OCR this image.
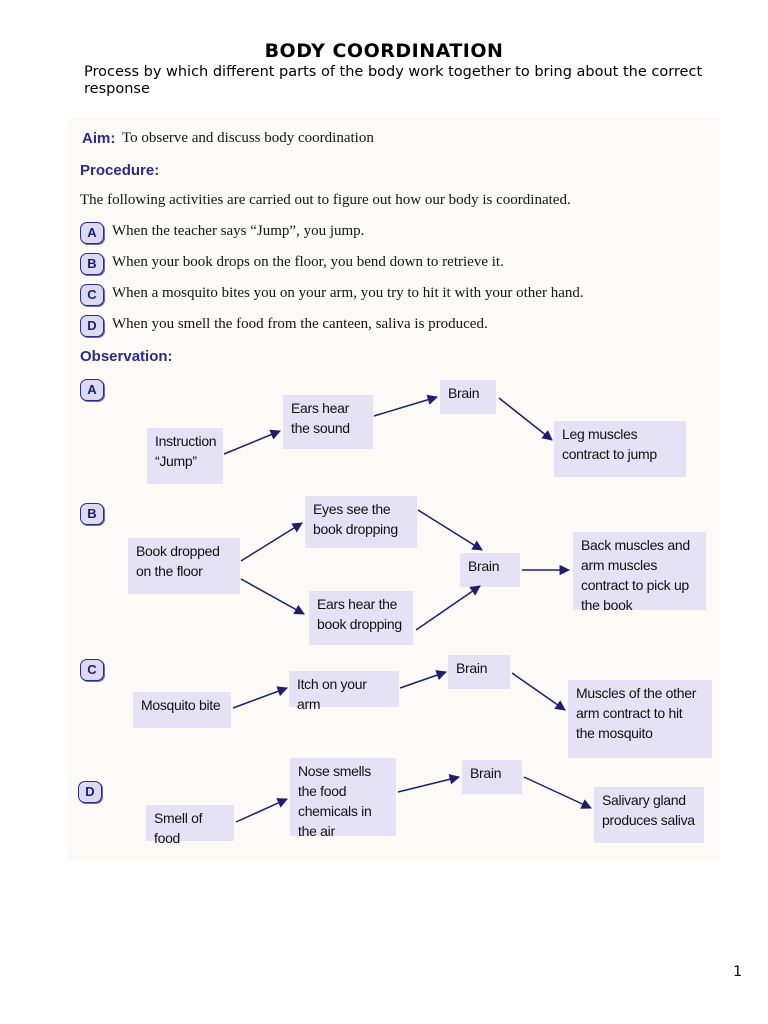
BODY COORDINATION
Process by which different parts of the body work together to bring about the correct response
Aim: To observe and discuss body coordination
Procedure:
The following activities are carried out to figure out how our body is coordinated.
A	When the teacher says “Jump”, you jump.
B	When your book drops on the floor, you bend down to retrieve it.
C	When a mosquito bites you on your arm, you try to hit it with your other hand.
D	When you smell the food from the canteen, saliva is produced.
Observation:
A
Instruction “Jump”
Ears hear the sound
Brain
Leg muscles contract to jump
B
Book dropped on the floor
Eyes see the book dropping
Ears hear the book dropping
Brain
Back muscles and arm muscles contract to pick up the book
C
Mosquito bite
Itch on your arm
Brain
Muscles of the other arm contract to hit the mosquito
D
Smell of food
Nose smells the food chemicals in the air
Brain
Salivary gland produces saliva
1
